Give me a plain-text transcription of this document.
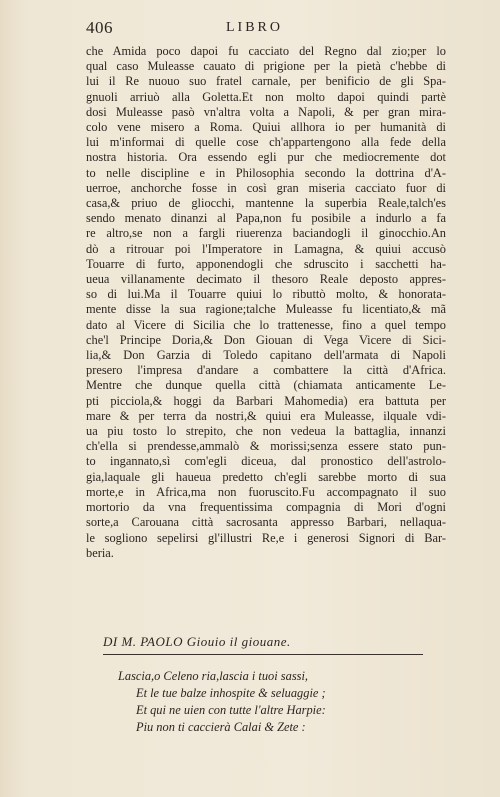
406	LIBRO
che Amida poco dapoi fu cacciato del Regno dal zio;per lo
qual caso Muleasse cauato di prigione per la pietà c'hebbe di
lui il Re nuouo suo fratel carnale, per benificio de gli Spa-
gnuoli arriuò alla Goletta.Et non molto dapoi quindi partè
dosi Muleasse pasò vn'altra volta a Napoli, & per gran mira-
colo vene misero a Roma. Quiui allhora io per humanità di
lui m'informai di quelle cose ch'appartengono alla fede della
nostra historia. Ora essendo egli pur che mediocremente dot
to nelle discipline e in Philosophia secondo la dottrina d'A-
uerroe, anchorche fosse in così gran miseria cacciato fuor di
casa,& priuo de gliocchi, mantenne la superbia Reale,talch'es
sendo menato dinanzi al Papa,non fu posibile a indurlo a fa
re altro,se non a fargli riuerenza baciandogli il ginocchio.An
dò a ritrouar poi l'Imperatore in Lamagna, & quiui accusò
Touarre di furto, apponendogli che sdruscito i sacchetti ha-
ueua villanamente decimato il thesoro Reale deposto appres-
so di lui.Ma il Touarre quiui lo ributtò molto, & honorata-
mente disse la sua ragione;talche Muleasse fu licentiato,& mã
dato al Vicere di Sicilia che lo trattenesse, fino a quel tempo
che'l Principe Doria,& Don Giouan di Vega Vicere di Sici-
lia,& Don Garzia di Toledo capitano dell'armata di Napoli
presero l'impresa d'andare a combattere la città d'Africa.
Mentre che dunque quella città (chiamata anticamente Le-
pti picciola,& hoggi da Barbari Mahomedia) era battuta per
mare & per terra da nostri,& quiui era Muleasse, ilquale vdi-
ua piu tosto lo strepito, che non vedeua la battaglia, innanzi
ch'ella si prendesse,ammalò & morissi;senza essere stato pun-
to ingannato,sì com'egli diceua, dal pronostico dell'astrolo-
gia,laquale gli haueua predetto ch'egli sarebbe morto di sua
morte,e in Africa,ma non fuoruscito.Fu accompagnato il suo
mortorio da vna frequentissima compagnia di Mori d'ogni
sorte,a Carouana città sacrosanta appresso Barbari, nellaqua-
le sogliono sepelirsi gl'illustri Re,e i generosi Signori di Bar-
beria.
DI M. PAOLO Giouio il giouane.
Lascia,o Celeno ria,lascia i tuoi sassi,
Et le tue balze inhospite & seluaggie ;
Et qui ne uien con tutte l'altre Harpie:
Piu non ti caccierà Calai & Zete :
